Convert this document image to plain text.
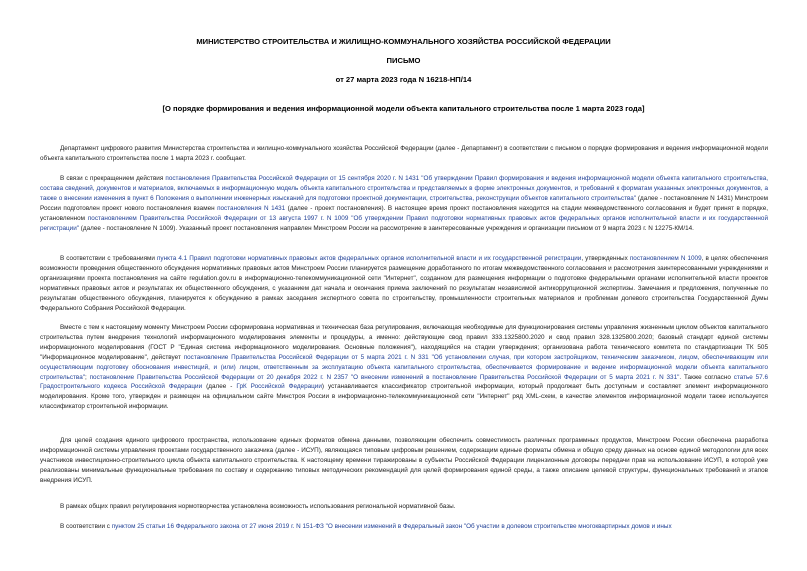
МИНИСТЕРСТВО СТРОИТЕЛЬСТВА И ЖИЛИЩНО-КОММУНАЛЬНОГО ХОЗЯЙСТВА РОССИЙСКОЙ ФЕДЕРАЦИИ
ПИСЬМО
от 27 марта 2023 года N 16218-НП/14
[О порядке формирования и ведения информационной модели объекта капитального строительства после 1 марта 2023 года]

Департамент цифрового развития Министерства строительства и жилищно-коммунального хозяйства Российской Федерации (далее - Департамент) в соответствии с письмом о порядке формирования и ведения информационной модели объекта капитального строительства после 1 марта 2023 г. сообщает.

В связи с прекращением действия постановления Правительства Российской Федерации от 15 сентября 2020 г. N 1431 "Об утверждении Правил формирования и ведения информационной модели объекта капитального строительства, состава сведений, документов и материалов, включаемых в информационную модель объекта капитального строительства и представляемых в форме электронных документов, и требований к форматам указанных электронных документов, а также о внесении изменения в пункт 6 Положения о выполнении инженерных изысканий для подготовки проектной документации, строительства, реконструкции объектов капитального строительства" (далее - постановление N 1431) Минстроем России подготовлен проект нового постановления взамен постановления N 1431 (далее - проект постановления). В настоящее время проект постановления находится на стадии межведомственного согласования и будет принят в порядке, установленном постановлением Правительства Российской Федерации от 13 августа 1997 г. N 1009 "Об утверждении Правил подготовки нормативных правовых актов федеральных органов исполнительной власти и их государственной регистрации" (далее - постановление N 1009). Указанный проект постановления направлен Минстроем России на рассмотрение в заинтересованные учреждения и организации письмом от 9 марта 2023 г. N 12275-КМ/14.

В соответствии с требованиями пункта 4.1 Правил подготовки нормативных правовых актов федеральных органов исполнительной власти и их государственной регистрации, утвержденных постановлением N 1009, в целях обеспечения возможности проведения общественного обсуждения нормативных правовых актов Минстроем России планируется размещение доработанного по итогам межведомственного согласования и рассмотрения заинтересованными учреждениями и организациями проекта постановления на сайте regulation.gov.ru в информационно-телекоммуникационной сети "Интернет", созданном для размещения информации о подготовке федеральными органами исполнительной власти проектов нормативных правовых актов и результатах их общественного обсуждения, с указанием дат начала и окончания приема заключений по результатам независимой антикоррупционной экспертизы. Замечания и предложения, полученные по результатам общественного обсуждения, планируется к обсуждению в рамках заседания экспертного совета по строительству, промышленности строительных материалов и проблемам долевого строительства Государственной Думы Федерального Собрания Российской Федерации.

Вместе с тем к настоящему моменту Минстроем России сформирована нормативная и техническая база регулирования, включающая необходимые для функционирования системы управления жизненным циклом объектов капитального строительства путем внедрения технологий информационного моделирования элементы и процедуры, а именно: действующие свод правил 333.1325800.2020 и свод правил 328.1325800.2020; базовый стандарт единой системы информационного моделирования (ГОСТ Р "Единая система информационного моделирования. Основные положения"), находящийся на стадии утверждения; организована работа технического комитета по стандартизации ТК 505 "Информационное моделирование", действует постановление Правительства Российской Федерации от 5 марта 2021 г. N 331 "Об установлении случая, при котором застройщиком, техническим заказчиком, лицом, обеспечивающим или осуществляющим подготовку обоснования инвестиций, и (или) лицом, ответственным за эксплуатацию объекта капитального строительства, обеспечивается формирование и ведение информационной модели объекта капитального строительства"; постановление Правительства Российской Федерации от 20 декабря 2022 г. N 2357 "О внесении изменений в постановление Правительства Российской Федерации от 5 марта 2021 г. N 331". Также согласно статье 57.6 Градостроительного кодекса Российской Федерации (далее - ГрК Российской Федерации) устанавливается классификатор строительной информации, который продолжает быть доступным и составляет элемент информационного моделирования. Кроме того, утвержден и размещен на официальном сайте Минстроя России в информационно-телекоммуникационной сети "Интернет" ряд XML-схем, в качестве элементов информационной модели также используется классификатор строительной информации.

Для целей создания единого цифрового пространства, использование единых форматов обмена данными, позволяющим обеспечить совместимость различных программных продуктов, Минстроем России обеспечена разработка информационной системы управления проектами государственного заказчика (далее - ИСУП), являющаяся типовым цифровым решением, содержащим единые форматы обмена и общую среду данных на основе единой методологии для всех участников инвестиционно-строительного цикла объекта капитального строительства. К настоящему времени тиражированы в субъекты Российской Федерации лицензионные договоры передачи прав на использование ИСУП, в которой уже реализованы минимальные функциональные требования по составу и содержанию типовых методических рекомендаций для целей формирования единой среды, а также описание целевой структуры, функциональных требований и этапов внедрения ИСУП.

В рамках общих правил регулирования нормотворчества установлена возможность использования региональной нормативной базы.

В соответствии с пунктом 25 статьи 16 Федерального закона от 27 июня 2019 г. N 151-ФЗ "О внесении изменений в Федеральный закон "Об участии в долевом строительстве многоквартирных домов и иных
